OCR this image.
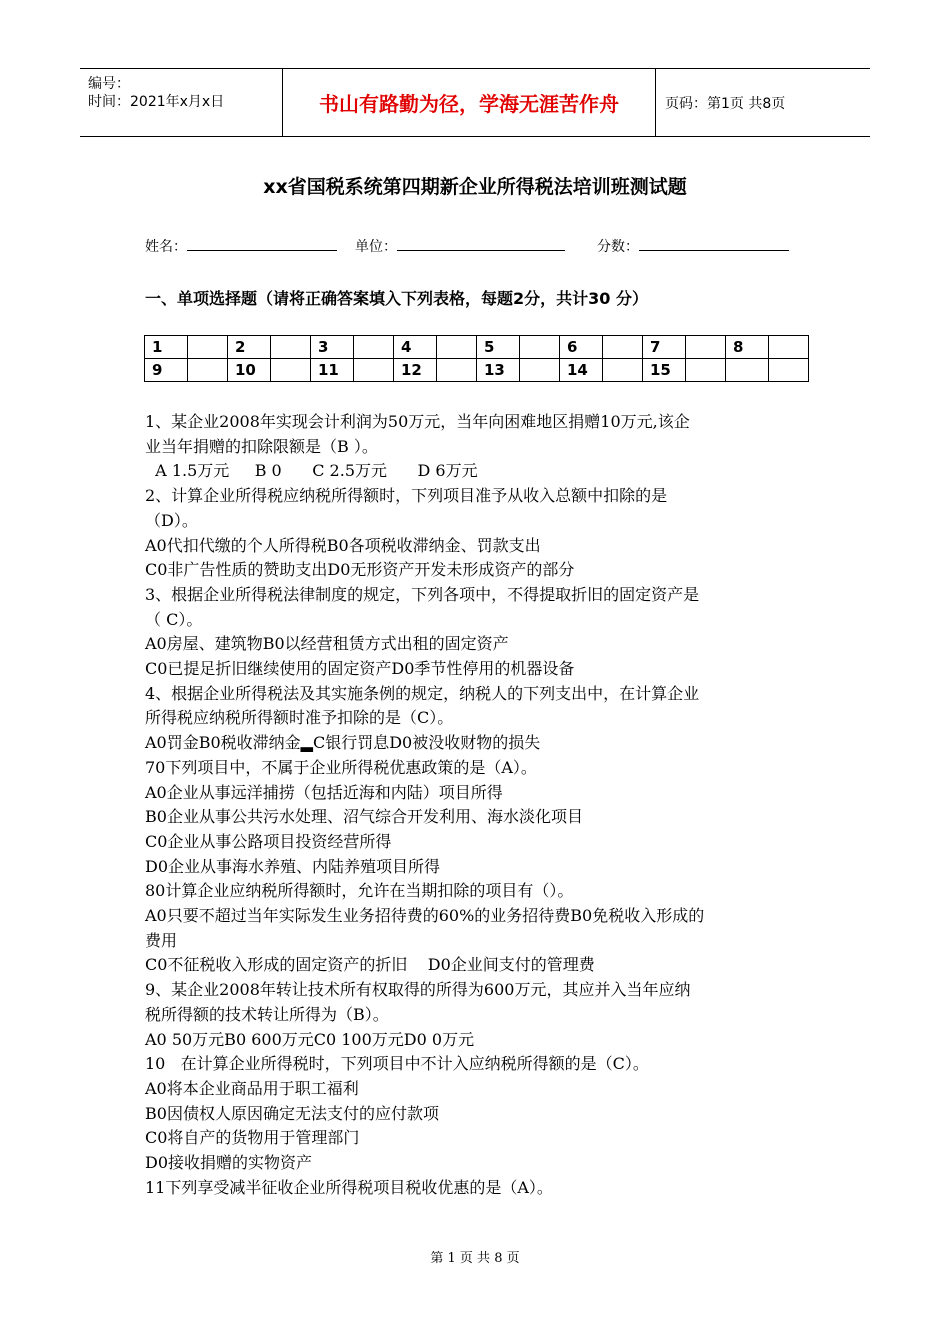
编号：
时间：2021年x月x日	书山有路勤为径，学海无涯苦作舟	页码：第1页 共8页
xx省国税系统第四期新企业所得税法培训班测试题
姓名：	单位：	分数：
一、单项选择题（请将正确答案填入下列表格，每题2分，共计30 分）
1		2		3		4		5		6		7		8	
9		10		11		12		13		14		15			

1、某企业2008年实现会计利润为50万元，当年向困难地区捐赠10万元,该企

业当年捐赠的扣除限额是（B ）。

A 1.5万元     B 0      C 2.5万元      D 6万元

2、计算企业所得税应纳税所得额时，下列项目准予从收入总额中扣除的是

（D）。

A0代扣代缴的个人所得税B0各项税收滞纳金、罚款支出

C0非广告性质的赞助支出D0无形资产开发未形成资产的部分

3、根据企业所得税法律制度的规定，下列各项中，不得提取折旧的固定资产是

（ C）。

A0房屋、建筑物B0以经营租赁方式出租的固定资产

C0已提足折旧继续使用的固定资产D0季节性停用的机器设备

4、根据企业所得税法及其实施条例的规定，纳税人的下列支出中，在计算企业

所得税应纳税所得额时准予扣除的是（C）。

A0罚金B0税收滞纳金▂C银行罚息D0被没收财物的损失

70下列项目中，不属于企业所得税优惠政策的是（A）。

A0企业从事远洋捕捞（包括近海和内陆）项目所得

B0企业从事公共污水处理、沼气综合开发利用、海水淡化项目

C0企业从事公路项目投资经营所得

D0企业从事海水养殖、内陆养殖项目所得

80计算企业应纳税所得额时，允许在当期扣除的项目有（）。

A0只要不超过当年实际发生业务招待费的60%的业务招待费B0免税收入形成的

费用

C0不征税收入形成的固定资产的折旧    D0企业间支付的管理费

9、某企业2008年转让技术所有权取得的所得为600万元，其应并入当年应纳

税所得额的技术转让所得为（B）。

A0 50万元B0 600万元C0 100万元D0 0万元

10   在计算企业所得税时，下列项目中不计入应纳税所得额的是（C）。

A0将本企业商品用于职工福利

B0因债权人原因确定无法支付的应付款项

C0将自产的货物用于管理部门

D0接收捐赠的实物资产

11下列享受减半征收企业所得税项目税收优惠的是（A）。

第 1 页 共 8 页
